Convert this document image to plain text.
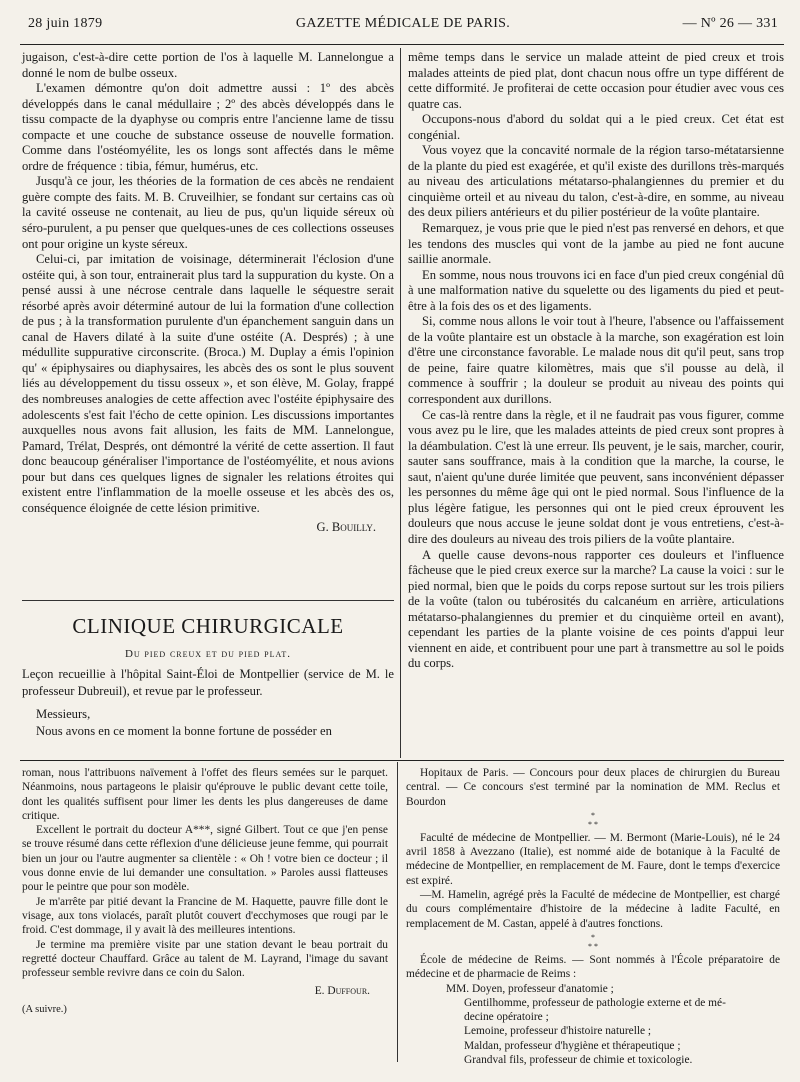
28 juin 1879	GAZETTE MÉDICALE DE PARIS.	— Nº 26 — 331

jugaison, c'est-à-dire cette portion de l'os à laquelle M. Lannelongue a donné le nom de bulbe osseux.

L'examen démontre qu'on doit admettre aussi : 1º des abcès développés dans le canal médullaire ; 2º des abcès développés dans le tissu compacte de la dyaphyse ou compris entre l'ancienne lame de tissu compacte et une couche de substance osseuse de nouvelle formation. Comme dans l'ostéomyélite, les os longs sont affectés dans le même ordre de fréquence : tibia, fémur, humérus, etc.

Jusqu'à ce jour, les théories de la formation de ces abcès ne rendaient guère compte des faits. M. B. Cruveilhier, se fondant sur certains cas où la cavité osseuse ne contenait, au lieu de pus, qu'un liquide séreux où séro-purulent, a pu penser que quelques-unes de ces collections osseuses ont pour origine un kyste séreux.

Celui-ci, par imitation de voisinage, déterminerait l'éclosion d'une ostéite qui, à son tour, entrainerait plus tard la suppuration du kyste. On a pensé aussi à une nécrose centrale dans laquelle le séquestre serait résorbé après avoir déterminé autour de lui la formation d'une collection de pus ; à la transformation purulente d'un épanchement sanguin dans un canal de Havers dilaté à la suite d'une ostéite (A. Després) ; à une médullite suppurative circonscrite. (Broca.) M. Duplay a émis l'opinion qu' « épiphysaires ou diaphysaires, les abcès des os sont le plus souvent liés au développement du tissu osseux », et son élève, M. Golay, frappé des nombreuses analogies de cette affection avec l'ostéite épiphysaire des adolescents s'est fait l'écho de cette opinion. Les discussions importantes auxquelles nous avons fait allusion, les faits de MM. Lannelongue, Pamard, Trélat, Després, ont démontré la vérité de cette assertion. Il faut donc beaucoup généraliser l'importance de l'ostéomyélite, et nous avions pour but dans ces quelques lignes de signaler les relations étroites qui existent entre l'inflammation de la moelle osseuse et les abcès des os, conséquence éloignée de cette lésion primitive.

G. Bouilly.

CLINIQUE CHIRURGICALE
Du pied creux et du pied plat.

Leçon recueillie à l'hôpital Saint-Éloi de Montpellier (service de M. le professeur Dubreuil), et revue par le professeur.

Messieurs,

Nous avons en ce moment la bonne fortune de posséder en

même temps dans le service un malade atteint de pied creux et trois malades atteints de pied plat, dont chacun nous offre un type différent de cette difformité. Je profiterai de cette occasion pour étudier avec vous ces quatre cas.

Occupons-nous d'abord du soldat qui a le pied creux. Cet état est congénial.

Vous voyez que la concavité normale de la région tarso-métatarsienne de la plante du pied est exagérée, et qu'il existe des durillons très-marqués au niveau des articulations métatarso-phalangiennes du premier et du cinquième orteil et au niveau du talon, c'est-à-dire, en somme, au niveau des deux piliers antérieurs et du pilier postérieur de la voûte plantaire.

Remarquez, je vous prie que le pied n'est pas renversé en dehors, et que les tendons des muscles qui vont de la jambe au pied ne font aucune saillie anormale.

En somme, nous nous trouvons ici en face d'un pied creux congénial dû à une malformation native du squelette ou des ligaments du pied et peut-être à la fois des os et des ligaments.

Si, comme nous allons le voir tout à l'heure, l'absence ou l'affaissement de la voûte plantaire est un obstacle à la marche, son exagération est loin d'être une circonstance favorable. Le malade nous dit qu'il peut, sans trop de peine, faire quatre kilomètres, mais que s'il pousse au delà, il commence à souffrir ; la douleur se produit au niveau des points qui correspondent aux durillons.

Ce cas-là rentre dans la règle, et il ne faudrait pas vous figurer, comme vous avez pu le lire, que les malades atteints de pied creux sont propres à la déambulation. C'est là une erreur. Ils peuvent, je le sais, marcher, courir, sauter sans souffrance, mais à la condition que la marche, la course, le saut, n'aient qu'une durée limitée que peuvent, sans inconvénient dépasser les personnes du même âge qui ont le pied normal. Sous l'influence de la plus légère fatigue, les personnes qui ont le pied creux éprouvent les douleurs que nous accuse le jeune soldat dont je vous entretiens, c'est-à-dire des douleurs au niveau des trois piliers de la voûte plantaire.

A quelle cause devons-nous rapporter ces douleurs et l'influence fâcheuse que le pied creux exerce sur la marche? La cause la voici : sur le pied normal, bien que le poids du corps repose surtout sur les trois piliers de la voûte (talon ou tubérosités du calcanéum en arrière, articulations métatarso-phalangiennes du premier et du cinquième orteil en avant), cependant les parties de la plante voisine de ces points d'appui leur viennent en aide, et contribuent pour une part à transmettre au sol le poids du corps.

roman, nous l'attribuons naïvement à l'offet des fleurs semées sur le parquet. Néanmoins, nous partageons le plaisir qu'éprouve le public devant cette toile, dont les qualités suffisent pour limer les dents les plus dangereuses de dame critique.

Excellent le portrait du docteur A***, signé Gilbert. Tout ce que j'en pense se trouve résumé dans cette réflexion d'une délicieuse jeune femme, qui pourrait bien un jour ou l'autre augmenter sa clientèle : « Oh ! votre bien ce docteur ; il vous donne envie de lui demander une consultation. » Paroles aussi flatteuses pour le peintre que pour son modèle.

Je m'arrête par pitié devant la Francine de M. Haquette, pauvre fille dont le visage, aux tons violacés, paraît plutôt couvert d'ecchymoses que rougi par le froid. C'est dommage, il y avait là des meilleures intentions.

Je termine ma première visite par une station devant le beau portrait du regretté docteur Chauffard. Grâce au talent de M. Layrand, l'image du savant professeur semble revivre dans ce coin du Salon.

E. Duffour.

(A suivre.)

Hopitaux de Paris. — Concours pour deux places de chirurgien du Bureau central. — Ce concours s'est terminé par la nomination de MM. Reclus et Bourdon

*
* *

Faculté de médecine de Montpellier. — M. Bermont (Marie-Louis), né le 24 avril 1858 à Avezzano (Italie), est nommé aide de botanique à la Faculté de médecine de Montpellier, en remplacement de M. Faure, dont le temps d'exercice est expiré.

—M. Hamelin, agrégé près la Faculté de médecine de Montpellier, est chargé du cours complémentaire d'histoire de la médecine à ladite Faculté, en remplacement de M. Castan, appelé à d'autres fonctions.

*
* *

École de médecine de Reims. — Sont nommés à l'École préparatoire de médecine et de pharmacie de Reims :

MM. Doyen, professeur d'anatomie ;

Gentilhomme, professeur de pathologie externe et de mé-

decine opératoire ;

Lemoine, professeur d'histoire naturelle ;

Maldan, professeur d'hygiène et thérapeutique ;

Grandval fils, professeur de chimie et toxicologie.
